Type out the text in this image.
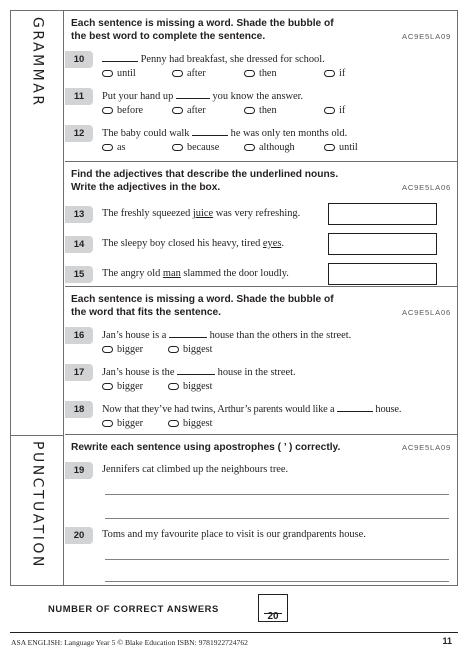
GRAMMAR
PUNCTUATION
Each sentence is missing a word. Shade the bubble of
the best word to complete the sentence.	AC9E5LA09
10	Penny had breakfast, she dressed for school.
until	after	then	if
11	Put your hand up	you know the answer.
before	after	then	if
12	The baby could walk	he was only ten months old.
as	because	although	until
Find the adjectives that describe the underlined nouns.
Write the adjectives in the box.	AC9E5LA06
13	The freshly squeezed juice was very refreshing.
14	The sleepy boy closed his heavy, tired eyes.
15	The angry old man slammed the door loudly.
Each sentence is missing a word. Shade the bubble of
the word that fits the sentence.	AC9E5LA06
16	Jan’s house is a	house than the others in the street.
bigger	biggest
17	Jan’s house is the	house in the street.
bigger	biggest
18	Now that they’ve had twins, Arthur’s parents would like a	house.
bigger	biggest
Rewrite each sentence using apostrophes ( ’ ) correctly.	AC9E5LA09
19	Jennifers cat climbed up the neighbours tree.
20	Toms and my favourite place to visit is our grandparents house.
NUMBER OF CORRECT ANSWERS
20
ASA ENGLISH: Language Year 5 © Blake Education ISBN: 9781922724762	11
